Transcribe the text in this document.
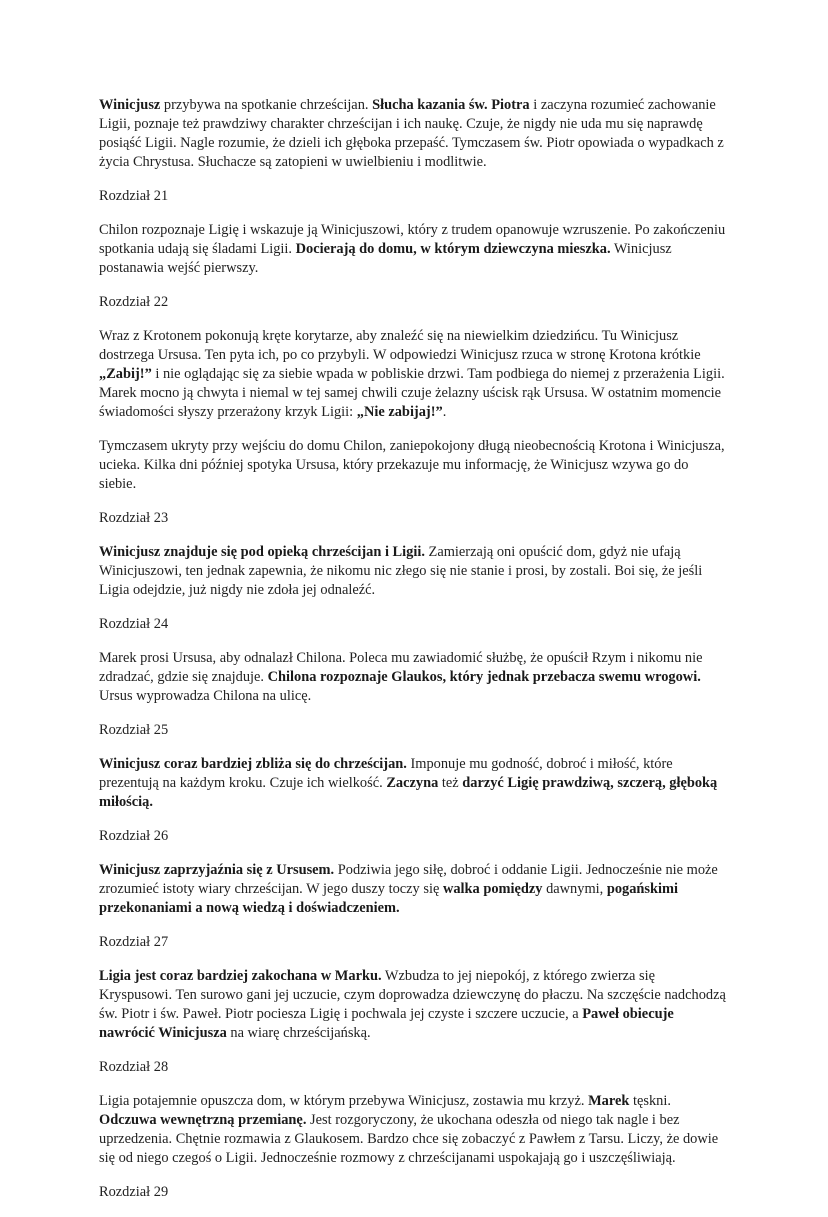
Winicjusz przybywa na spotkanie chrześcijan. Słucha kazania św. Piotra i zaczyna rozumieć zachowanie Ligii, poznaje też prawdziwy charakter chrześcijan i ich naukę. Czuje, że nigdy nie uda mu się naprawdę posiąść Ligii. Nagle rozumie, że dzieli ich głęboka przepaść. Tymczasem św. Piotr opowiada o wypadkach z życia Chrystusa. Słuchacze są zatopieni w uwielbieniu i modlitwie.

Rozdział 21

Chilon rozpoznaje Ligię i wskazuje ją Winicjuszowi, który z trudem opanowuje wzruszenie. Po zakończeniu spotkania udają się śladami Ligii. Docierają do domu, w którym dziewczyna mieszka. Winicjusz postanawia wejść pierwszy.

Rozdział 22

Wraz z Krotonem pokonują kręte korytarze, aby znaleźć się na niewielkim dziedzińcu. Tu Winicjusz dostrzega Ursusa. Ten pyta ich, po co przybyli. W odpowiedzi Winicjusz rzuca w stronę Krotona krótkie „Zabij!” i nie oglądając się za siebie wpada w pobliskie drzwi. Tam podbiega do niemej z przerażenia Ligii. Marek mocno ją chwyta i niemal w tej samej chwili czuje żelazny uścisk rąk Ursusa. W ostatnim momencie świadomości słyszy przerażony krzyk Ligii: „Nie zabijaj!”.

Tymczasem ukryty przy wejściu do domu Chilon, zaniepokojony długą nieobecnością Krotona i Winicjusza, ucieka. Kilka dni później spotyka Ursusa, który przekazuje mu informację, że Winicjusz wzywa go do siebie.

Rozdział 23

Winicjusz znajduje się pod opieką chrześcijan i Ligii. Zamierzają oni opuścić dom, gdyż nie ufają Winicjuszowi, ten jednak zapewnia, że nikomu nic złego się nie stanie i prosi, by zostali. Boi się, że jeśli Ligia odejdzie, już nigdy nie zdoła jej odnaleźć.

Rozdział 24

Marek prosi Ursusa, aby odnalazł Chilona. Poleca mu zawiadomić służbę, że opuścił Rzym i nikomu nie zdradzać, gdzie się znajduje. Chilona rozpoznaje Glaukos, który jednak przebacza swemu wrogowi. Ursus wyprowadza Chilona na ulicę.

Rozdział 25

Winicjusz coraz bardziej zbliża się do chrześcijan. Imponuje mu godność, dobroć i miłość, które prezentują na każdym kroku. Czuje ich wielkość. Zaczyna też darzyć Ligię prawdziwą, szczerą, głęboką miłością.

Rozdział 26

Winicjusz zaprzyjaźnia się z Ursusem. Podziwia jego siłę, dobroć i oddanie Ligii. Jednocześnie nie może zrozumieć istoty wiary chrześcijan. W jego duszy toczy się walka pomiędzy dawnymi, pogańskimi przekonaniami a nową wiedzą i doświadczeniem.

Rozdział 27

Ligia jest coraz bardziej zakochana w Marku. Wzbudza to jej niepokój, z którego zwierza się Kryspusowi. Ten surowo gani jej uczucie, czym doprowadza dziewczynę do płaczu. Na szczęście nadchodzą św. Piotr i św. Paweł. Piotr pociesza Ligię i pochwala jej czyste i szczere uczucie, a Paweł obiecuje nawrócić Winicjusza na wiarę chrześcijańską.

Rozdział 28

Ligia potajemnie opuszcza dom, w którym przebywa Winicjusz, zostawia mu krzyż. Marek tęskni. Odczuwa wewnętrzną przemianę. Jest rozgoryczony, że ukochana odeszła od niego tak nagle i bez uprzedzenia. Chętnie rozmawia z Glaukosem. Bardzo chce się zobaczyć z Pawłem z Tarsu. Liczy, że dowie się od niego czegoś o Ligii. Jednocześnie rozmowy z chrześcijanami uspokajają go i uszczęśliwiają.

Rozdział 29
